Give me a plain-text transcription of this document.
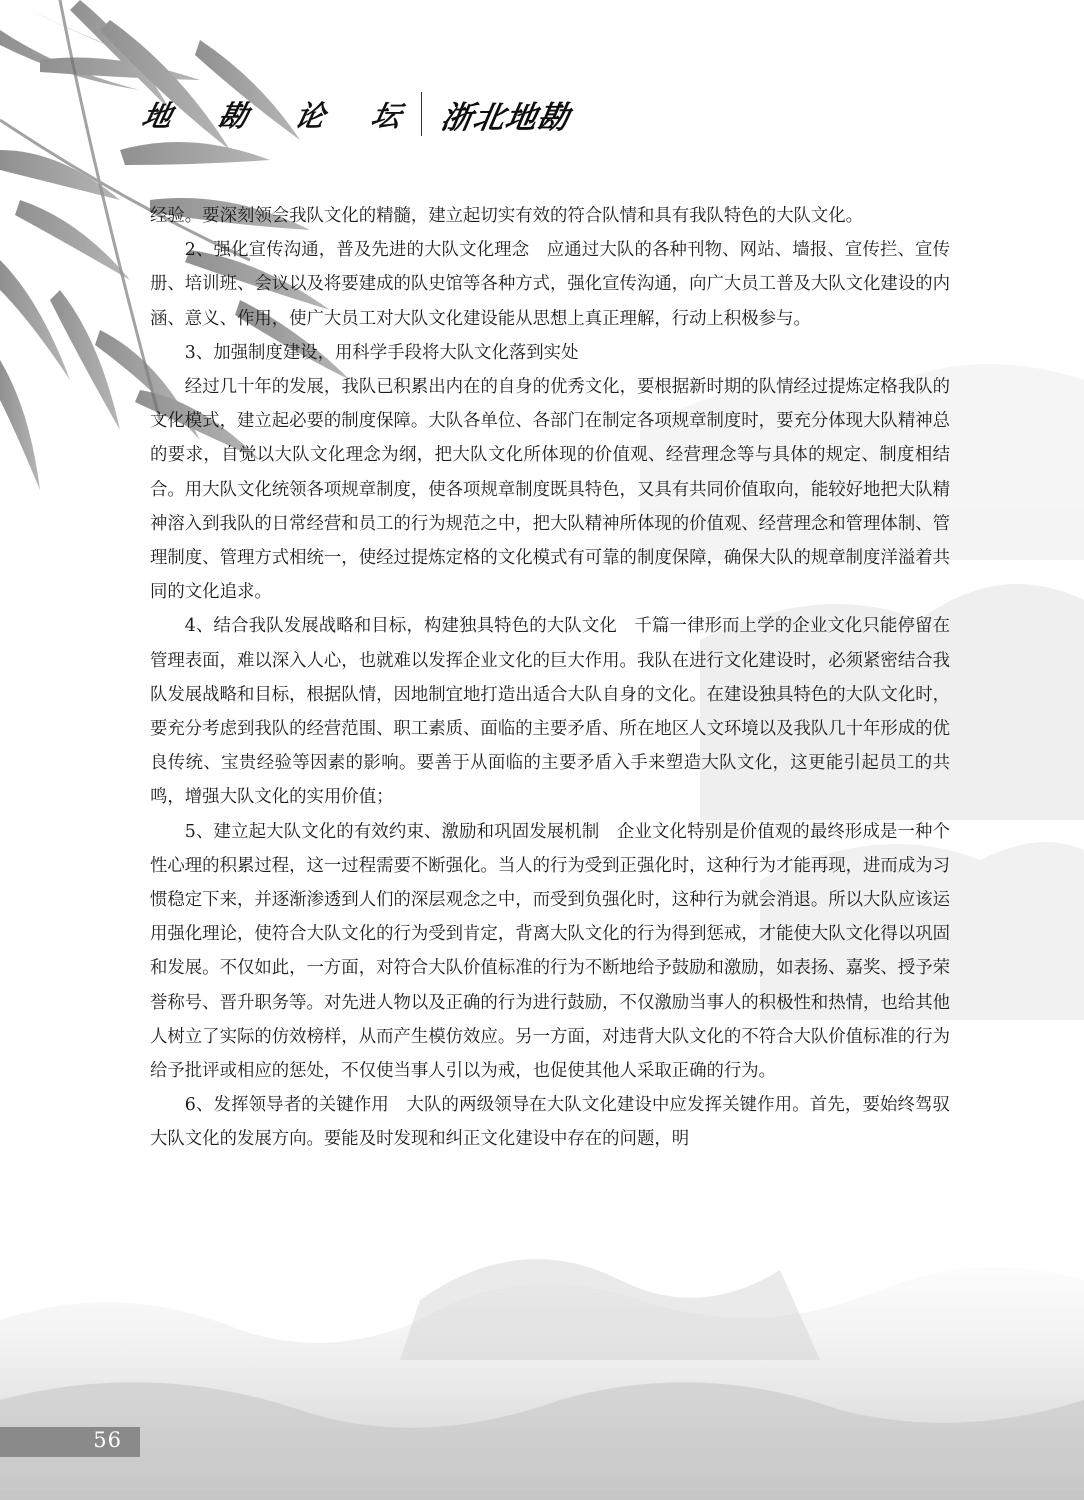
地 勘 论 坛 浙北地勘

经验。要深刻领会我队文化的精髓，建立起切实有效的符合队情和具有我队特色的大队文化。

2、强化宣传沟通，普及先进的大队文化理念　应通过大队的各种刊物、网站、墙报、宣传拦、宣传册、培训班、会议以及将要建成的队史馆等各种方式，强化宣传沟通，向广大员工普及大队文化建设的内涵、意义、作用，使广大员工对大队文化建设能从思想上真正理解，行动上积极参与。

3、加强制度建设，用科学手段将大队文化落到实处

经过几十年的发展，我队已积累出内在的自身的优秀文化，要根据新时期的队情经过提炼定格我队的文化模式，建立起必要的制度保障。大队各单位、各部门在制定各项规章制度时，要充分体现大队精神总的要求，自觉以大队文化理念为纲，把大队文化所体现的价值观、经营理念等与具体的规定、制度相结合。用大队文化统领各项规章制度，使各项规章制度既具特色，又具有共同价值取向，能较好地把大队精神溶入到我队的日常经营和员工的行为规范之中，把大队精神所体现的价值观、经营理念和管理体制、管理制度、管理方式相统一，使经过提炼定格的文化模式有可靠的制度保障，确保大队的规章制度洋溢着共同的文化追求。

4、结合我队发展战略和目标，构建独具特色的大队文化　千篇一律形而上学的企业文化只能停留在管理表面，难以深入人心，也就难以发挥企业文化的巨大作用。我队在进行文化建设时，必须紧密结合我队发展战略和目标，根据队情，因地制宜地打造出适合大队自身的文化。在建设独具特色的大队文化时，要充分考虑到我队的经营范围、职工素质、面临的主要矛盾、所在地区人文环境以及我队几十年形成的优良传统、宝贵经验等因素的影响。要善于从面临的主要矛盾入手来塑造大队文化，这更能引起员工的共鸣，增强大队文化的实用价值；

5、建立起大队文化的有效约束、激励和巩固发展机制　企业文化特别是价值观的最终形成是一种个性心理的积累过程，这一过程需要不断强化。当人的行为受到正强化时，这种行为才能再现，进而成为习惯稳定下来，并逐渐渗透到人们的深层观念之中，而受到负强化时，这种行为就会消退。所以大队应该运用强化理论，使符合大队文化的行为受到肯定，背离大队文化的行为得到惩戒，才能使大队文化得以巩固和发展。不仅如此，一方面，对符合大队价值标准的行为不断地给予鼓励和激励，如表扬、嘉奖、授予荣誉称号、晋升职务等。对先进人物以及正确的行为进行鼓励，不仅激励当事人的积极性和热情，也给其他人树立了实际的仿效榜样，从而产生模仿效应。另一方面，对违背大队文化的不符合大队价值标准的行为给予批评或相应的惩处，不仅使当事人引以为戒，也促使其他人采取正确的行为。

6、发挥领导者的关键作用　大队的两级领导在大队文化建设中应发挥关键作用。首先，要始终驾驭大队文化的发展方向。要能及时发现和纠正文化建设中存在的问题，明

56
